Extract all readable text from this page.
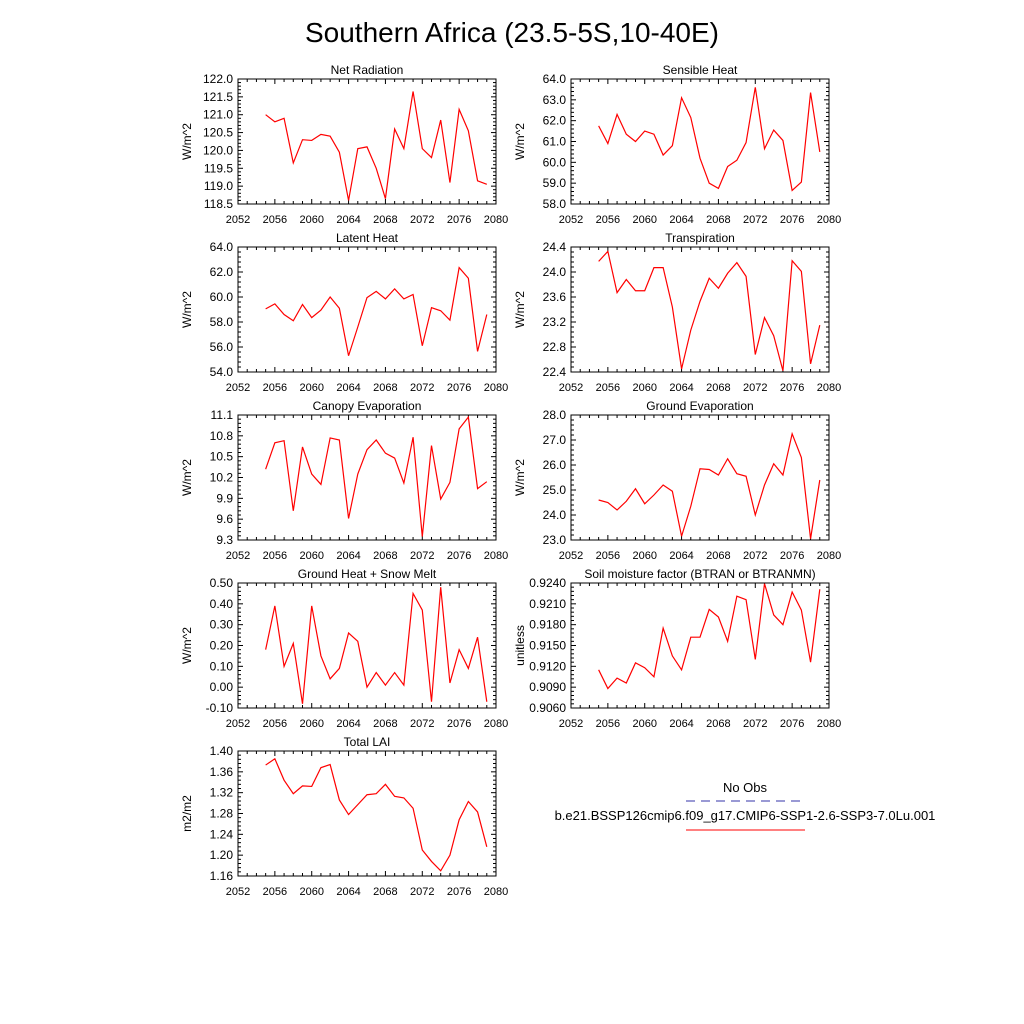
Southern Africa (23.5-5S,10-40E)
Net Radiation
W/m^2
2052 2056 2060 2064 2068 2072 2076 2080
118.5
119.0
119.5
120.0
120.5
121.0
121.5
122.0
Sensible Heat
W/m^2
2052 2056 2060 2064 2068 2072 2076 2080
58.0
59.0
60.0
61.0
62.0
63.0
64.0
Latent Heat
W/m^2
2052 2056 2060 2064 2068 2072 2076 2080
54.0
56.0
58.0
60.0
62.0
64.0
Transpiration
W/m^2
2052 2056 2060 2064 2068 2072 2076 2080
22.4
22.8
23.2
23.6
24.0
24.4
Canopy Evaporation
W/m^2
2052 2056 2060 2064 2068 2072 2076 2080
9.3
9.6
9.9
10.2
10.5
10.8
11.1
Ground Evaporation
W/m^2
2052 2056 2060 2064 2068 2072 2076 2080
23.0
24.0
25.0
26.0
27.0
28.0
Ground Heat + Snow Melt
W/m^2
2052 2056 2060 2064 2068 2072 2076 2080
-0.10
0.00
0.10
0.20
0.30
0.40
0.50
Soil moisture factor (BTRAN or BTRANMN)
unitless
2052 2056 2060 2064 2068 2072 2076 2080
0.9060
0.9090
0.9120
0.9150
0.9180
0.9210
0.9240
Total LAI
m2/m2
2052 2056 2060 2064 2068 2072 2076 2080
1.16
1.20
1.24
1.28
1.32
1.36
1.40
No Obs
b.e21.BSSP126cmip6.f09_g17.CMIP6-SSP1-2.6-SSP3-7.0Lu.001
